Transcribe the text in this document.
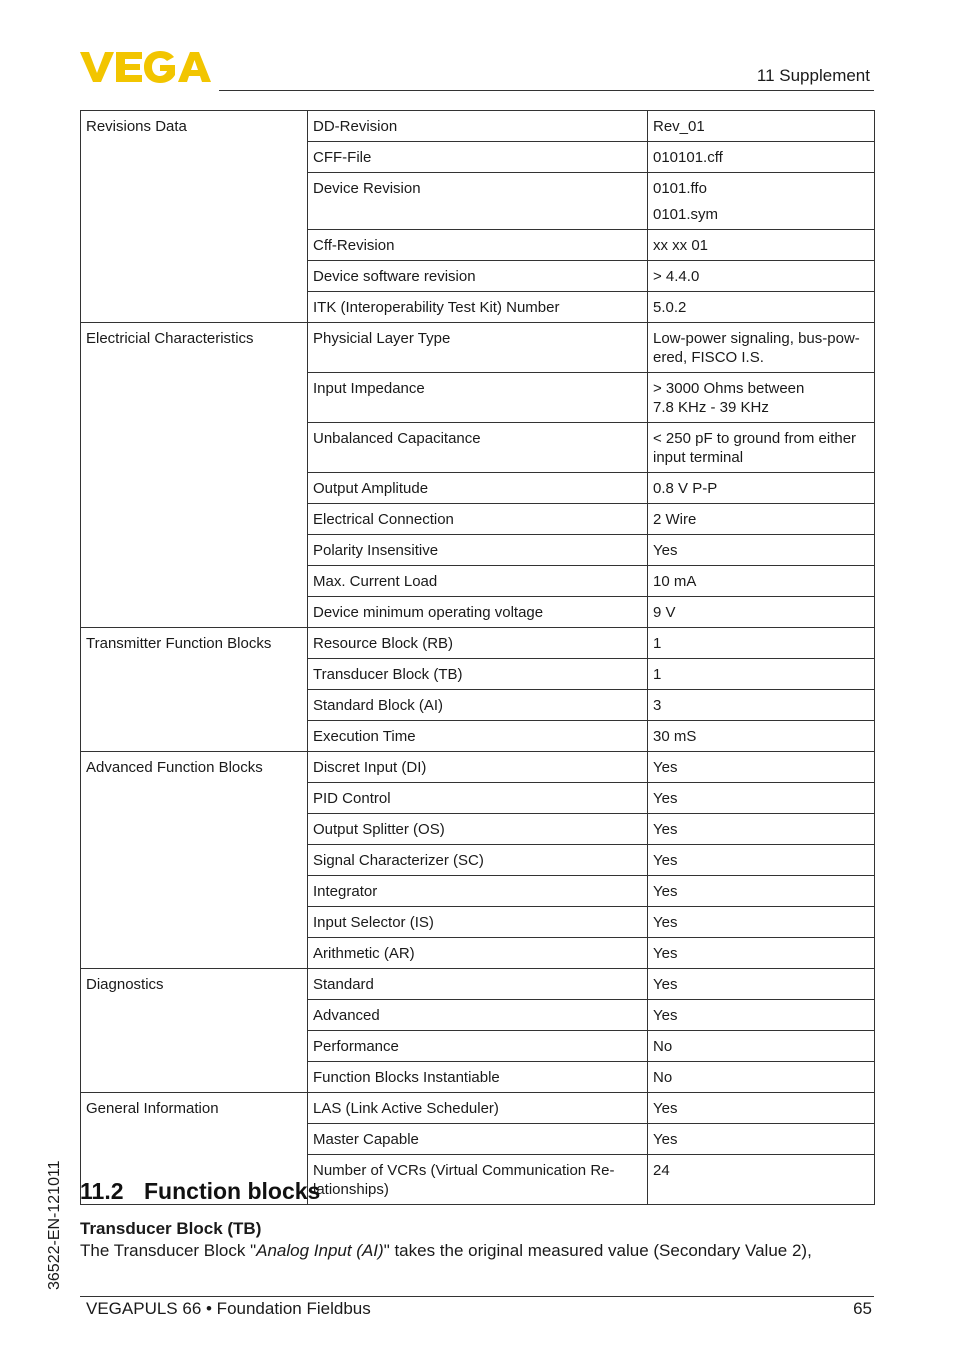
11 Supplement
Revisions Data	DD-Revision	Rev_01

	CFF-File	010101.cff

	Device Revision	0101.ffo
0101.sym

	Cff-Revision	xx xx 01

	Device software revision	> 4.4.0

	ITK (Interoperability Test Kit) Number	5.0.2

Electricial Characteristics	Physicial Layer Type	Low-power signaling, bus-pow-
ered, FISCO I.S.

	Input Impedance	> 3000 Ohms between
7.8 KHz - 39 KHz

	Unbalanced Capacitance	< 250 pF to ground from either
input terminal

	Output Amplitude	0.8 V P-P

	Electrical Connection	2 Wire

	Polarity Insensitive	Yes

	Max. Current Load	10 mA

	Device minimum operating voltage	9 V

Transmitter Function Blocks	Resource Block (RB)	1

	Transducer Block (TB)	1

	Standard Block (AI)	3

	Execution Time	30 mS

Advanced Function Blocks	Discret Input (DI)	Yes

	PID Control	Yes

	Output Splitter (OS)	Yes

	Signal Characterizer (SC)	Yes

	Integrator	Yes

	Input Selector (IS)	Yes

	Arithmetic (AR)	Yes

Diagnostics	Standard	Yes

	Advanced	Yes

	Performance	No

	Function Blocks Instantiable	No

General Information	LAS (Link Active Scheduler)	Yes

	Master Capable	Yes

	Number of VCRs (Virtual Communication Re-
lationships)	24
36522-EN-121011 11.2 Function blocks
Transducer Block (TB)
The Transducer Block "Analog Input (AI)" takes the original measured value (Secondary Value 2),
VEGAPULS 66 • Foundation Fieldbus	65
